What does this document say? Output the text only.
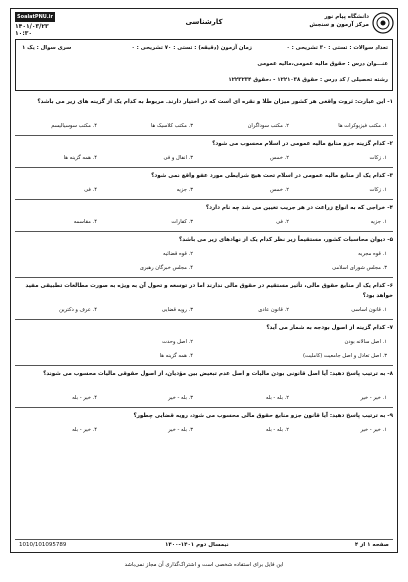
دانشگاه پیام نور
مرکز آزمون و سنجش
کارشناسی
SoalatPNU.ir
۱۴۰۱/۰۳/۲۳
۱۰:۳۰
تعداد سوالات : تستی : ۳۰ تشریحی : ۰
زمان آزمون (دقیقه) : تستی : ۷۰ تشریحی : ۰
سری سوال : یک ۱
عنـــوان درس : حقوق مالیه عمومی،مالیه عمومی
رشته تحصیلی / کد درس : حقوق ۱۲۲۱۰۳۸ - ،حقوق ۱۲۲۳۲۳۴
۱- این عبارت: ثروت واقعی هر کشور میزان طلا و نقره ای است که در اختیار دارند. مربوط به کدام یک از گزینه های زیر می باشد؟
۱. مکتب فیزیوکرات ها
۲. مکتب سوداگران
۳. مکتب کلاسیک ها
۴. مکتب سوسیالیسم
۲- کدام گزینه جزو منابع مالیه عمومی در اسلام محسوب می شود؟
۱. زکات
۲. خمس
۳. انفال و فی
۴. همه گزینه ها
۳- کدام یک از منابع مالیه عمومی در اسلام تحت هیچ شرایطی مورد عفو واقع نمی شود؟
۱. زکات
۲. خمس
۳. جزیه
۴. فی
۴- خراجی که به انواع زراعت در هر جریب تعیین می شد چه نام دارد؟
۱. جزیه
۲. فی
۳. کفارات
۴. مقاسمه
۵- دیوان محاسبات کشور، مستقیماً زیر نظر کدام یک از نهادهای زیر می باشد؟
۱. قوه مجریه
۲. قوه قضائیه
۳. مجلس شورای اسلامی
۴. مجلس خبرگان رهبری
۶- کدام یک از منابع حقوق مالی، تأثیر مستقیم در حقوق مالی ندارند اما در توسعه و تحول آن به ویژه به صورت مطالعات تطبیقی مفید خواهد بود؟
۱. قانون اساسی
۲. قانون عادی
۳. رویه قضایی
۴. عرف و دکترین
۷- کدام گزینه از اصول بودجه به شمار می آید؟
۱. اصل سالانه بودن
۲. اصل وحدت
۳. اصل تعادل و اصل جامعیت (کاملیت)
۴. همه گزینه ها
۸- به ترتیب پاسخ دهید: آیا اصل قانونی بودن مالیات و اصل عدم تبعیض بین مؤدیان، از اصول حقوقی مالیات محسوب می شوند؟
۱. خیر - خیر
۲. بله - بله
۳. بله - خیر
۴. خیر - بله
۹- به ترتیب پاسخ دهید: آیا قانون جزو منابع حقوق مالی محسوب می شود، رویه قضایی چطور؟
۱. خیر - خیر
۲. بله - بله
۳. بله - خیر
۴. خیر - بله
صفحه ۱ از ۴
نیمسال دوم ۱۴۰۱-۱۴۰۰
1010/101095789
این فایل برای استفاده شخصی است و اشتراک‌گذاری آن مجاز نمی‌باشد
